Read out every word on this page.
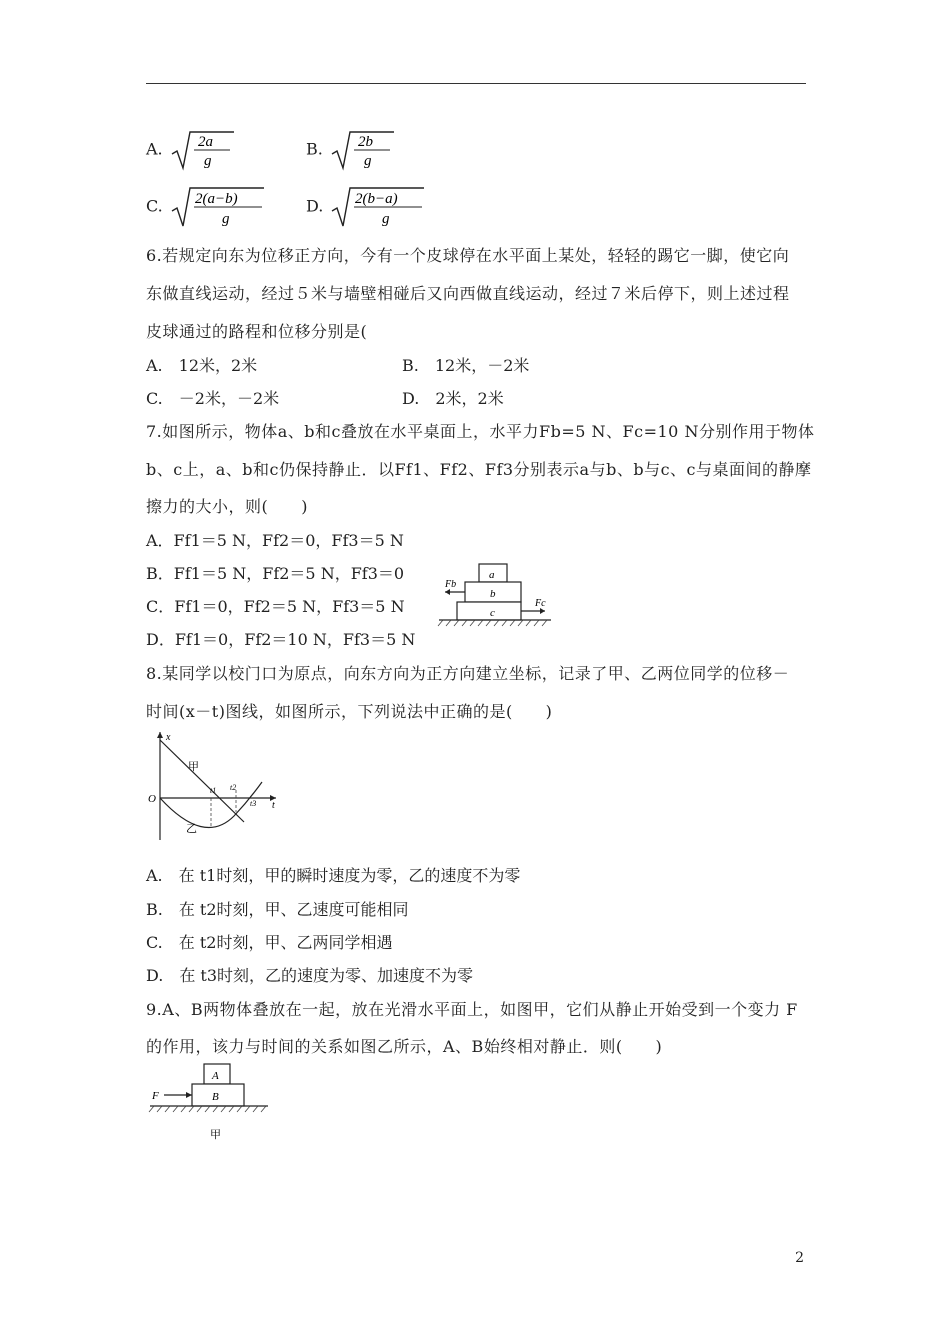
A. 2a
g
B. 2b
g
C. 2(a−b)
g
D. 2(b−a)
g
6.若规定向东为位移正方向，今有一个皮球停在水平面上某处，轻轻的踢它一脚，使它向
东做直线运动，经过５米与墙壁相碰后又向西做直线运动，经过７米后停下，则上述过程
皮球通过的路程和位移分别是(
A.　12米，2米	B.　12米，－2米
C.　－2米，－2米	D.　2米，2米
7.如图所示，物体a、b和c叠放在水平桌面上，水平力Fb=5 N、Fc=10 N分别作用于物体
b、c上，a、b和c仍保持静止．以Ff1、Ff2、Ff3分别表示a与b、b与c、c与桌面间的静摩
擦力的大小，则(　　)
A．Ff1＝5 N，Ff2＝0，Ff3＝5 N
B．Ff1＝5 N，Ff2＝5 N，Ff3＝0
C．Ff1＝0，Ff2＝5 N，Ff3＝5 N
D．Ff1＝0，Ff2＝10 N，Ff3＝5 N
a
b
c
Fb
Fc
8.某同学以校门口为原点，向东方向为正方向建立坐标，记录了甲、乙两位同学的位移－
时间(x－t)图线，如图所示，下列说法中正确的是(　　)
x
t
O
甲
乙
t1 t2
t3
A.　在 t1时刻，甲的瞬时速度为零，乙的速度不为零
B.　在 t2时刻，甲、乙速度可能相同
C.　在 t2时刻，甲、乙两同学相遇
D.　在 t3时刻，乙的速度为零、加速度不为零
9.A、B两物体叠放在一起，放在光滑水平面上，如图甲，它们从静止开始受到一个变力 F
的作用，该力与时间的关系如图乙所示，A、B始终相对静止．则(　　)
A
B
F
甲
2
